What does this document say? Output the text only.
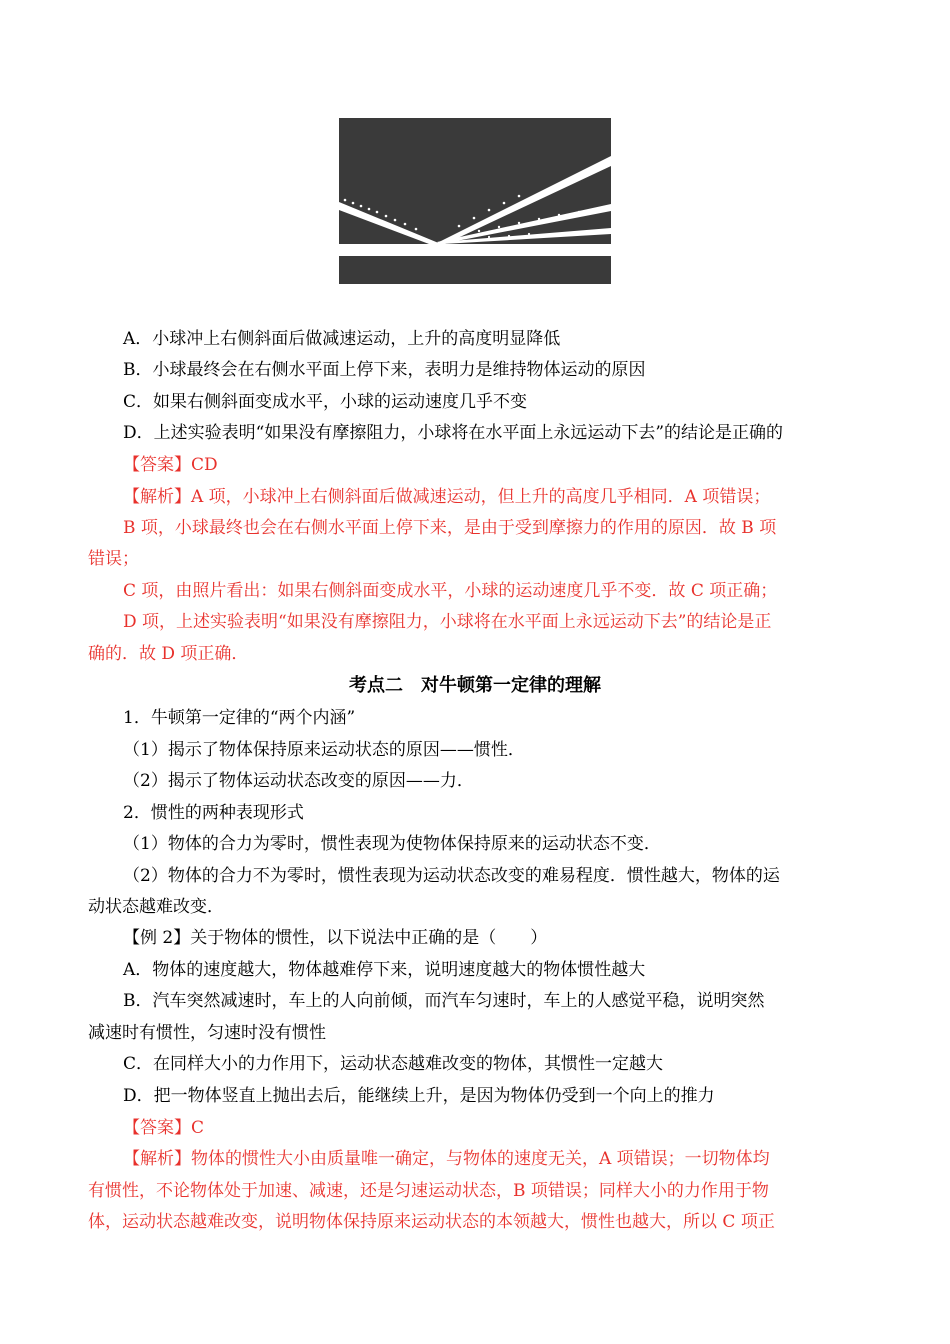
A．小球冲上右侧斜面后做减速运动，上升的高度明显降低
B．小球最终会在右侧水平面上停下来，表明力是维持物体运动的原因
C．如果右侧斜面变成水平，小球的运动速度几乎不变
D．上述实验表明“如果没有摩擦阻力，小球将在水平面上永远运动下去”的结论是正确的
【答案】CD
【解析】A 项，小球冲上右侧斜面后做减速运动，但上升的高度几乎相同．A 项错误；
B 项，小球最终也会在右侧水平面上停下来，是由于受到摩擦力的作用的原因．故 B 项
错误；
C 项，由照片看出：如果右侧斜面变成水平，小球的运动速度几乎不变．故 C 项正确；
D 项，上述实验表明“如果没有摩擦阻力，小球将在水平面上永远运动下去”的结论是正
确的．故 D 项正确．
考点二　对牛顿第一定律的理解
1．牛顿第一定律的“两个内涵”
（1）揭示了物体保持原来运动状态的原因——惯性．
（2）揭示了物体运动状态改变的原因——力．
2．惯性的两种表现形式
（1）物体的合力为零时，惯性表现为使物体保持原来的运动状态不变．
（2）物体的合力不为零时，惯性表现为运动状态改变的难易程度．惯性越大，物体的运
动状态越难改变．
【例 2】关于物体的惯性，以下说法中正确的是（　　）
A．物体的速度越大，物体越难停下来，说明速度越大的物体惯性越大
B．汽车突然减速时，车上的人向前倾，而汽车匀速时，车上的人感觉平稳，说明突然
减速时有惯性，匀速时没有惯性
C．在同样大小的力作用下，运动状态越难改变的物体，其惯性一定越大
D．把一物体竖直上抛出去后，能继续上升，是因为物体仍受到一个向上的推力
【答案】C
【解析】物体的惯性大小由质量唯一确定，与物体的速度无关，A 项错误；一切物体均
有惯性，不论物体处于加速、减速，还是匀速运动状态，B 项错误；同样大小的力作用于物
体，运动状态越难改变，说明物体保持原来运动状态的本领越大，惯性也越大，所以 C 项正
